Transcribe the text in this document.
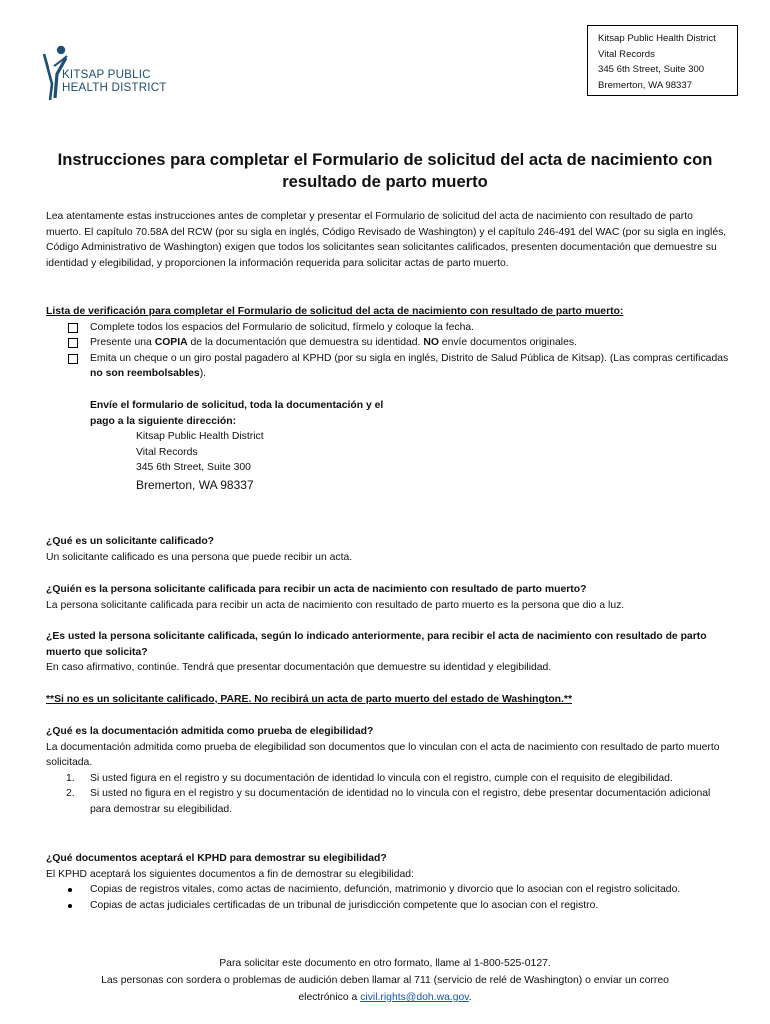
KITSAP PUBLIC
HEALTH DISTRICT
Kitsap Public Health District
Vital Records
345 6th Street, Suite 300
Bremerton, WA 98337
Instrucciones para completar el Formulario de solicitud del acta de nacimiento con resultado de parto muerto

Lea atentamente estas instrucciones antes de completar y presentar el Formulario de solicitud del acta de nacimiento con resultado de parto muerto. El capítulo 70.58A del RCW (por su sigla en inglés, Código Revisado de Washington) y el capítulo 246-491 del WAC (por su sigla en inglés, Código Administrativo de Washington) exigen que todos los solicitantes sean solicitantes calificados, presenten documentación que demuestre su identidad y elegibilidad, y proporcionen la información requerida para solicitar actas de parto muerto.

Lista de verificación para completar el Formulario de solicitud del acta de nacimiento con resultado de parto muerto:
Complete todos los espacios del Formulario de solicitud, fírmelo y coloque la fecha.
Presente una COPIA de la documentación que demuestra su identidad. NO envíe documentos originales.
Emita un cheque o un giro postal pagadero al KPHD (por su sigla en inglés, Distrito de Salud Pública de Kitsap). (Las compras certificadas no son reembolsables).
Envíe el formulario de solicitud, toda la documentación y el
pago a la siguiente dirección:
Kitsap Public Health District
Vital Records
345 6th Street, Suite 300
Bremerton, WA 98337
¿Qué es un solicitante calificado?
Un solicitante calificado es una persona que puede recibir un acta.
¿Quién es la persona solicitante calificada para recibir un acta de nacimiento con resultado de parto muerto?
La persona solicitante calificada para recibir un acta de nacimiento con resultado de parto muerto es la persona que dio a luz.
¿Es usted la persona solicitante calificada, según lo indicado anteriormente, para recibir el acta de nacimiento con resultado de parto muerto que solicita?
En caso afirmativo, continúe. Tendrá que presentar documentación que demuestre su identidad y elegibilidad.
**Si no es un solicitante calificado, PARE. No recibirá un acta de parto muerto del estado de Washington.**
¿Qué es la documentación admitida como prueba de elegibilidad?
La documentación admitida como prueba de elegibilidad son documentos que lo vinculan con el acta de nacimiento con resultado de parto muerto solicitada.
1. Si usted figura en el registro y su documentación de identidad lo vincula con el registro, cumple con el requisito de elegibilidad.
2. Si usted no figura en el registro y su documentación de identidad no lo vincula con el registro, debe presentar documentación adicional para demostrar su elegibilidad.
¿Qué documentos aceptará el KPHD para demostrar su elegibilidad?
El KPHD aceptará los siguientes documentos a fin de demostrar su elegibilidad:
Copias de registros vitales, como actas de nacimiento, defunción, matrimonio y divorcio que lo asocian con el registro solicitado.
Copias de actas judiciales certificadas de un tribunal de jurisdicción competente que lo asocian con el registro.
Para solicitar este documento en otro formato, llame al 1-800-525-0127.
Las personas con sordera o problemas de audición deben llamar al 711 (servicio de relé de Washington) o enviar un correo
electrónico a civil.rights@doh.wa.gov.
